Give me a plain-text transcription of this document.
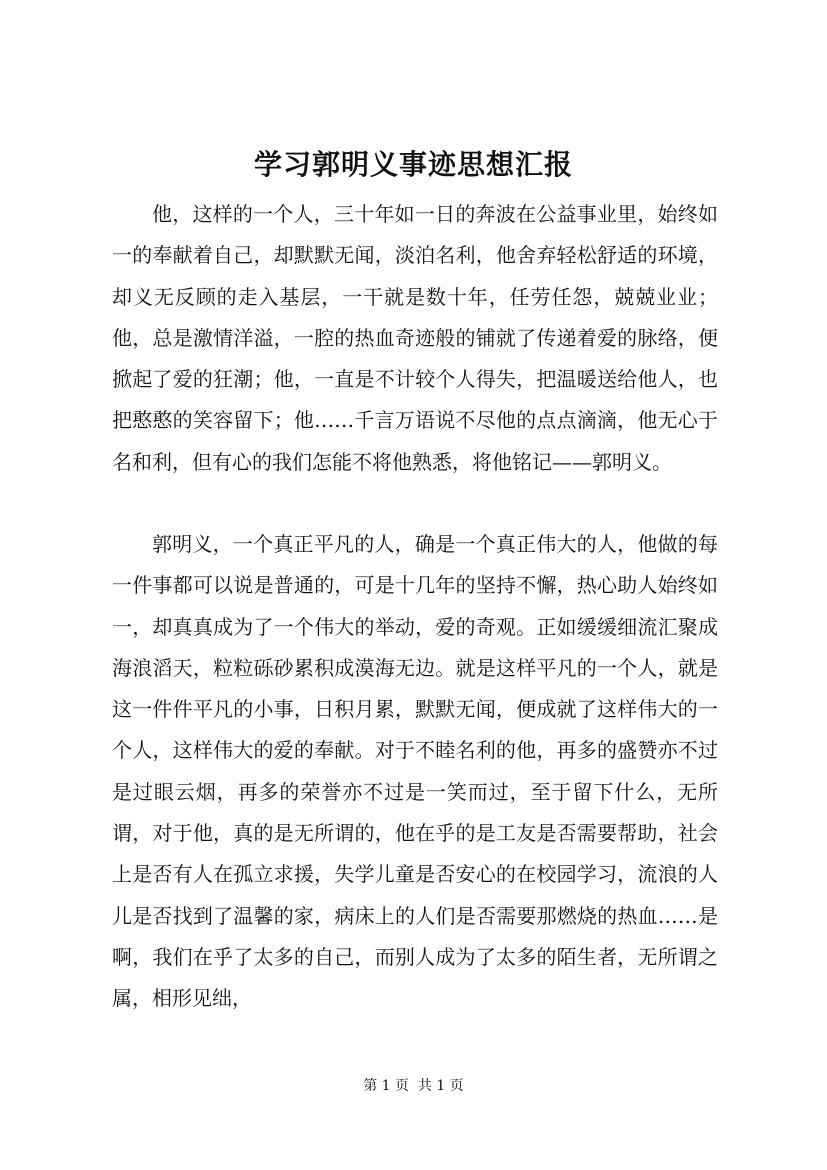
学习郭明义事迹思想汇报

他，这样的一个人，三十年如一日的奔波在公益事业里，始终如一的奉献着自己，却默默无闻，淡泊名利，他舍弃轻松舒适的环境，却义无反顾的走入基层，一干就是数十年，任劳任怨，兢兢业业；他，总是激情洋溢，一腔的热血奇迹般的铺就了传递着爱的脉络，便掀起了爱的狂潮；他，一直是不计较个人得失，把温暖送给他人，也把憨憨的笑容留下；他……千言万语说不尽他的点点滴滴，他无心于名和利，但有心的我们怎能不将他熟悉，将他铭记——郭明义。

郭明义，一个真正平凡的人，确是一个真正伟大的人，他做的每一件事都可以说是普通的，可是十几年的坚持不懈，热心助人始终如一，却真真成为了一个伟大的举动，爱的奇观。正如缓缓细流汇聚成海浪滔天，粒粒砾砂累积成漠海无边。就是这样平凡的一个人，就是这一件件平凡的小事，日积月累，默默无闻，便成就了这样伟大的一个人，这样伟大的爱的奉献。对于不睦名利的他，再多的盛赞亦不过是过眼云烟，再多的荣誉亦不过是一笑而过，至于留下什么，无所谓，对于他，真的是无所谓的，他在乎的是工友是否需要帮助，社会上是否有人在孤立求援，失学儿童是否安心的在校园学习，流浪的人儿是否找到了温馨的家，病床上的人们是否需要那燃烧的热血……是啊，我们在乎了太多的自己，而别人成为了太多的陌生者，无所谓之属，相形见绌，

第 1 页  共 1 页
